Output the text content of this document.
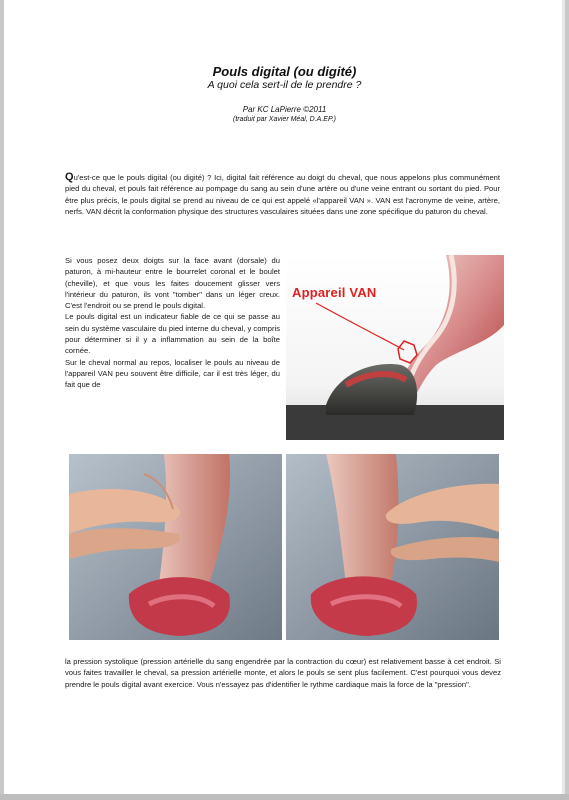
Pouls digital (ou digité)
A quoi cela sert-il de le prendre ?
Par KC LaPierre ©2011
(traduit par Xavier Méal, D.A.EP.)
Qu'est-ce que le pouls digital (ou digité) ? Ici, digital fait référence au doigt du cheval, que nous appelons plus communément pied du cheval, et pouls fait référence au pompage du sang au sein d'une artère ou d'une veine entrant ou sortant du pied. Pour être plus précis, le pouls digital se prend au niveau de ce qui est appelé «l'appareil VAN ». VAN est l'acronyme de veine, artère, nerfs. VAN décrit la conformation physique des structures vasculaires situées dans une zone spécifique du paturon du cheval.

Si vous posez deux doigts sur la face avant (dorsale) du paturon, à mi-hauteur entre le bourrelet coronal et le boulet (cheville), et que vous les faites doucement glisser vers l'intérieur du paturon, ils vont "tomber" dans un léger creux. C'est l'endroit ou se prend le pouls digital.

Le pouls digital est un indicateur fiable de ce qui se passe au sein du système vasculaire du pied interne du cheval, y compris pour déterminer si il y a inflammation au sein de la boîte cornée.

Sur le cheval normal au repos, localiser le pouls au niveau de l'appareil VAN peu souvent être difficile, car il est très léger, du fait que de

Appareil VAN
la pression systolique (pression artérielle du sang engendrée par la contraction du cœur) est relativement basse à cet endroit. Si vous faites travailler le cheval, sa pression artérielle monte, et alors le pouls se sent plus facilement. C'est pourquoi vous devez prendre le pouls digital avant exercice. Vous n'essayez pas d'identifier le rythme cardiaque mais la force de la "pression".
